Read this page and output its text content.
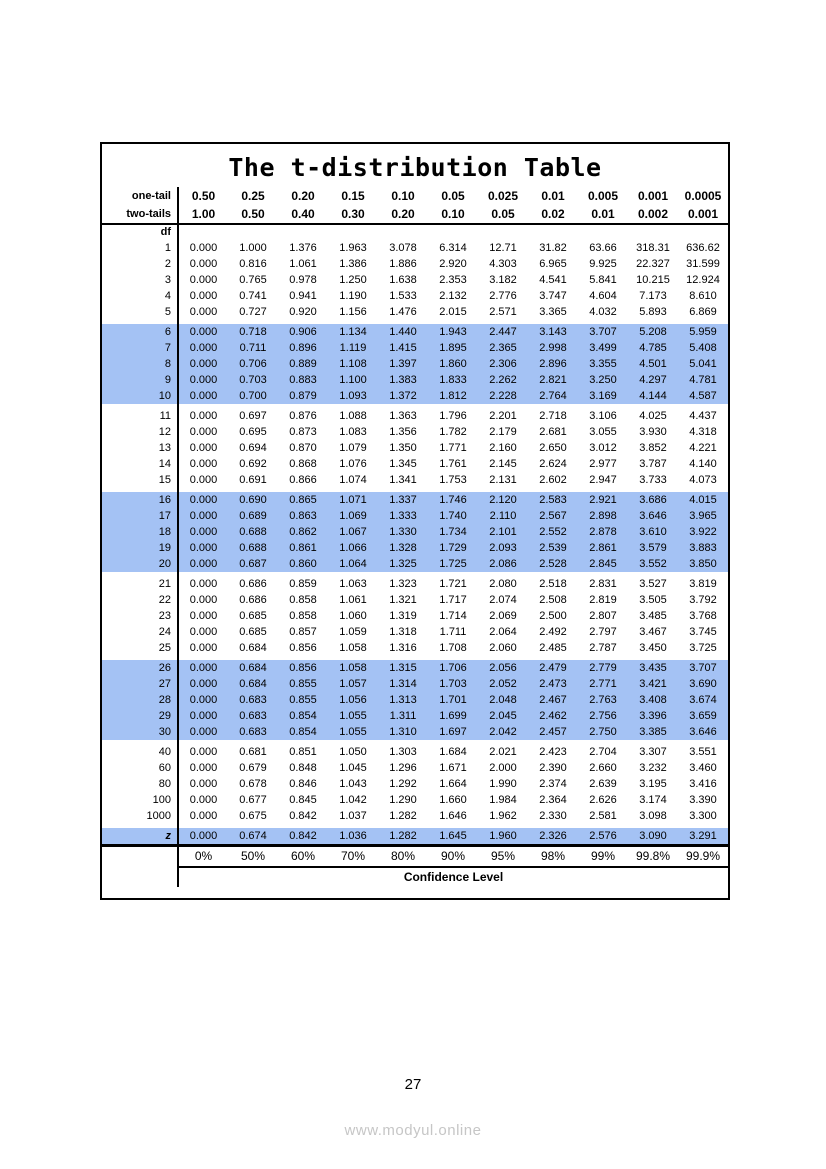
The t-distribution Table
one-tail	0.50	0.25	0.20	0.15	0.10	0.05	0.025	0.01	0.005	0.001	0.0005
two-tails	1.00	0.50	0.40	0.30	0.20	0.10	0.05	0.02	0.01	0.002	0.001
df											
1	0.000	1.000	1.376	1.963	3.078	6.314	12.71	31.82	63.66	318.31	636.62
2	0.000	0.816	1.061	1.386	1.886	2.920	4.303	6.965	9.925	22.327	31.599
3	0.000	0.765	0.978	1.250	1.638	2.353	3.182	4.541	5.841	10.215	12.924
4	0.000	0.741	0.941	1.190	1.533	2.132	2.776	3.747	4.604	7.173	8.610
5	0.000	0.727	0.920	1.156	1.476	2.015	2.571	3.365	4.032	5.893	6.869

6	0.000	0.718	0.906	1.134	1.440	1.943	2.447	3.143	3.707	5.208	5.959
7	0.000	0.711	0.896	1.119	1.415	1.895	2.365	2.998	3.499	4.785	5.408
8	0.000	0.706	0.889	1.108	1.397	1.860	2.306	2.896	3.355	4.501	5.041
9	0.000	0.703	0.883	1.100	1.383	1.833	2.262	2.821	3.250	4.297	4.781
10	0.000	0.700	0.879	1.093	1.372	1.812	2.228	2.764	3.169	4.144	4.587

11	0.000	0.697	0.876	1.088	1.363	1.796	2.201	2.718	3.106	4.025	4.437
12	0.000	0.695	0.873	1.083	1.356	1.782	2.179	2.681	3.055	3.930	4.318
13	0.000	0.694	0.870	1.079	1.350	1.771	2.160	2.650	3.012	3.852	4.221
14	0.000	0.692	0.868	1.076	1.345	1.761	2.145	2.624	2.977	3.787	4.140
15	0.000	0.691	0.866	1.074	1.341	1.753	2.131	2.602	2.947	3.733	4.073

16	0.000	0.690	0.865	1.071	1.337	1.746	2.120	2.583	2.921	3.686	4.015
17	0.000	0.689	0.863	1.069	1.333	1.740	2.110	2.567	2.898	3.646	3.965
18	0.000	0.688	0.862	1.067	1.330	1.734	2.101	2.552	2.878	3.610	3.922
19	0.000	0.688	0.861	1.066	1.328	1.729	2.093	2.539	2.861	3.579	3.883
20	0.000	0.687	0.860	1.064	1.325	1.725	2.086	2.528	2.845	3.552	3.850

21	0.000	0.686	0.859	1.063	1.323	1.721	2.080	2.518	2.831	3.527	3.819
22	0.000	0.686	0.858	1.061	1.321	1.717	2.074	2.508	2.819	3.505	3.792
23	0.000	0.685	0.858	1.060	1.319	1.714	2.069	2.500	2.807	3.485	3.768
24	0.000	0.685	0.857	1.059	1.318	1.711	2.064	2.492	2.797	3.467	3.745
25	0.000	0.684	0.856	1.058	1.316	1.708	2.060	2.485	2.787	3.450	3.725

26	0.000	0.684	0.856	1.058	1.315	1.706	2.056	2.479	2.779	3.435	3.707
27	0.000	0.684	0.855	1.057	1.314	1.703	2.052	2.473	2.771	3.421	3.690
28	0.000	0.683	0.855	1.056	1.313	1.701	2.048	2.467	2.763	3.408	3.674
29	0.000	0.683	0.854	1.055	1.311	1.699	2.045	2.462	2.756	3.396	3.659
30	0.000	0.683	0.854	1.055	1.310	1.697	2.042	2.457	2.750	3.385	3.646

40	0.000	0.681	0.851	1.050	1.303	1.684	2.021	2.423	2.704	3.307	3.551
60	0.000	0.679	0.848	1.045	1.296	1.671	2.000	2.390	2.660	3.232	3.460
80	0.000	0.678	0.846	1.043	1.292	1.664	1.990	2.374	2.639	3.195	3.416
100	0.000	0.677	0.845	1.042	1.290	1.660	1.984	2.364	2.626	3.174	3.390
1000	0.000	0.675	0.842	1.037	1.282	1.646	1.962	2.330	2.581	3.098	3.300

z	0.000	0.674	0.842	1.036	1.282	1.645	1.960	2.326	2.576	3.090	3.291
	0%	50%	60%	70%	80%	90%	95%	98%	99%	99.8%	99.9%
	Confidence Level										
27
www.modyul.online
